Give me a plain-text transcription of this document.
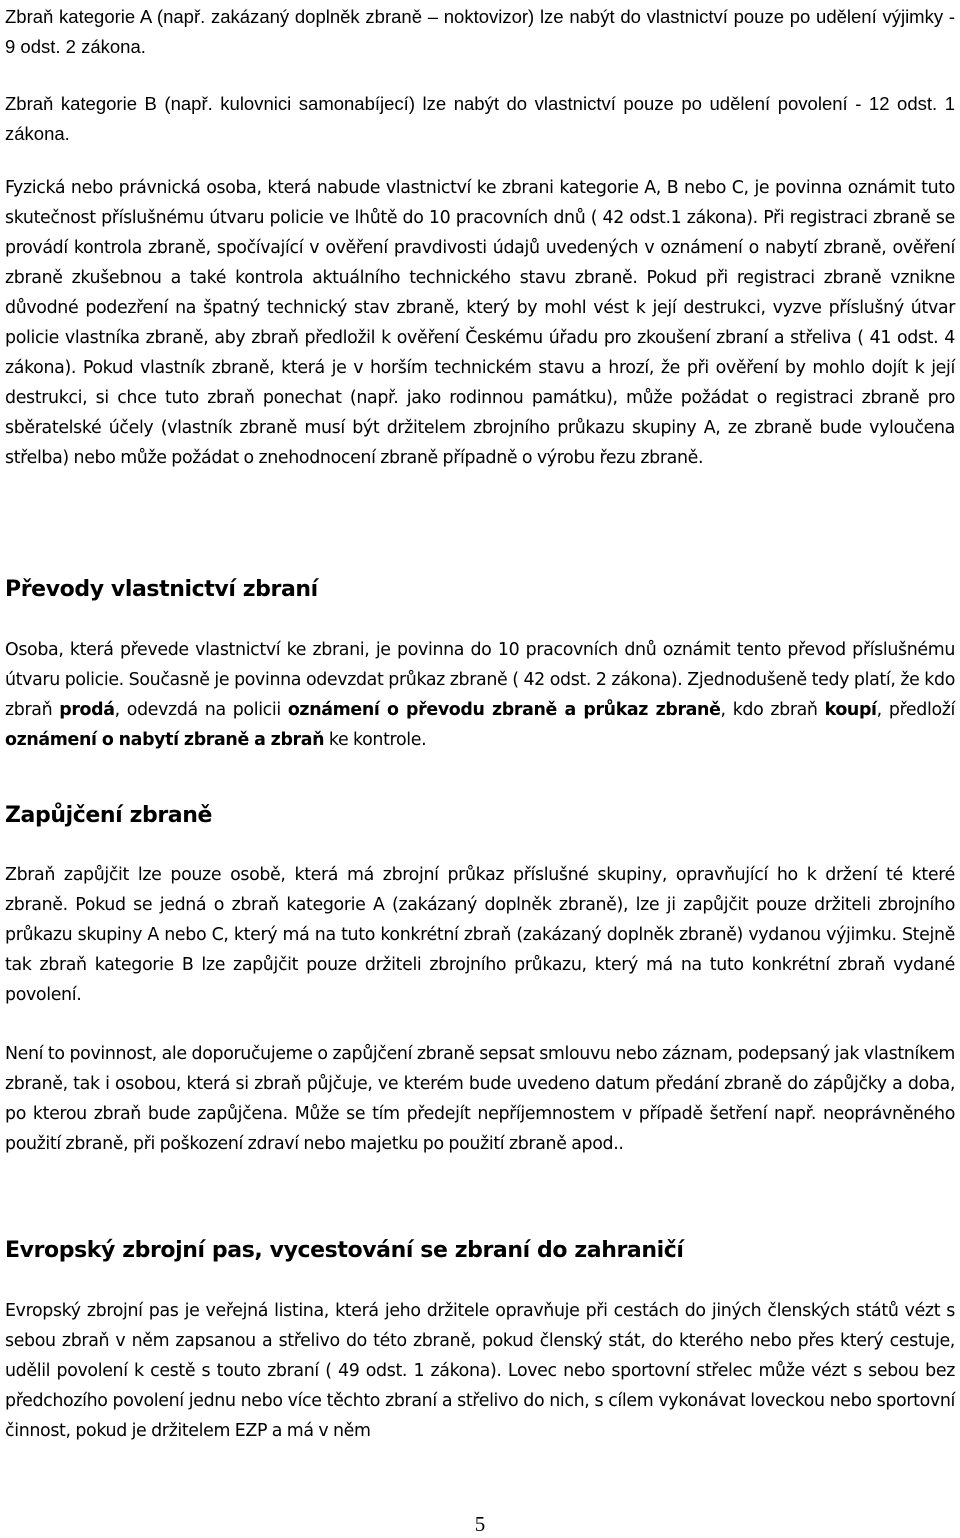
Zbraň kategorie A (např. zakázaný doplněk zbraně – noktovizor) lze nabýt do vlastnictví pouze po udělení výjimky - 9 odst. 2 zákona.

Zbraň kategorie B (např. kulovnici samonabíjecí) lze nabýt do vlastnictví pouze po udělení povolení - 12 odst. 1 zákona.

Fyzická nebo právnická osoba, která nabude vlastnictví ke zbrani kategorie A, B nebo C, je povinna oznámit tuto skutečnost příslušnému útvaru policie ve lhůtě do 10 pracovních dnů ( 42 odst.1 zákona). Při registraci zbraně se provádí kontrola zbraně, spočívající v ověření pravdivosti údajů uvedených v oznámení o nabytí zbraně, ověření zbraně zkušebnou a také kontrola aktuálního technického stavu zbraně. Pokud při registraci zbraně vznikne důvodné podezření na špatný technický stav zbraně, který by mohl vést k její destrukci, vyzve příslušný útvar policie vlastníka zbraně, aby zbraň předložil k ověření Českému úřadu pro zkoušení zbraní a střeliva ( 41 odst. 4 zákona). Pokud vlastník zbraně, která je v horším technickém stavu a hrozí, že při ověření by mohlo dojít k její destrukci, si chce tuto zbraň ponechat (např. jako rodinnou památku), může požádat o registraci zbraně pro sběratelské účely (vlastník zbraně musí být držitelem zbrojního průkazu skupiny A, ze zbraně bude vyloučena střelba) nebo může požádat o znehodnocení zbraně případně o výrobu řezu zbraně.

Převody vlastnictví zbraní

Osoba, která převede vlastnictví ke zbrani, je povinna do 10 pracovních dnů oznámit tento převod příslušnému útvaru policie. Současně je povinna odevzdat průkaz zbraně ( 42 odst. 2 zákona). Zjednodušeně tedy platí, že kdo zbraň prodá, odevzdá na policii oznámení o převodu zbraně a průkaz zbraně, kdo zbraň koupí, předloží oznámení o nabytí zbraně a zbraň ke kontrole.

Zapůjčení zbraně

Zbraň zapůjčit lze pouze osobě, která má zbrojní průkaz příslušné skupiny, opravňující ho k držení té které zbraně. Pokud se jedná o zbraň kategorie A (zakázaný doplněk zbraně), lze ji zapůjčit pouze držiteli zbrojního průkazu skupiny A nebo C, který má na tuto konkrétní zbraň (zakázaný doplněk zbraně) vydanou výjimku. Stejně tak zbraň kategorie B lze zapůjčit pouze držiteli zbrojního průkazu, který má na tuto konkrétní zbraň vydané povolení.

Není to povinnost, ale doporučujeme o zapůjčení zbraně sepsat smlouvu nebo záznam, podepsaný jak vlastníkem zbraně, tak i osobou, která si zbraň půjčuje, ve kterém bude uvedeno datum předání zbraně do zápůjčky a doba, po kterou zbraň bude zapůjčena. Může se tím předejít nepříjemnostem v případě šetření např. neoprávněného použití zbraně, při poškození zdraví nebo majetku po použití zbraně apod..

Evropský zbrojní pas, vycestování se zbraní do zahraničí

Evropský zbrojní pas je veřejná listina, která jeho držitele opravňuje při cestách do jiných členských států vézt s sebou zbraň v něm zapsanou a střelivo do této zbraně, pokud členský stát, do kterého nebo přes který cestuje, udělil povolení k cestě s touto zbraní ( 49 odst. 1 zákona). Lovec nebo sportovní střelec může vézt s sebou bez předchozího povolení jednu nebo více těchto zbraní a střelivo do nich, s cílem vykonávat loveckou nebo sportovní činnost, pokud je držitelem EZP a má v něm

5
